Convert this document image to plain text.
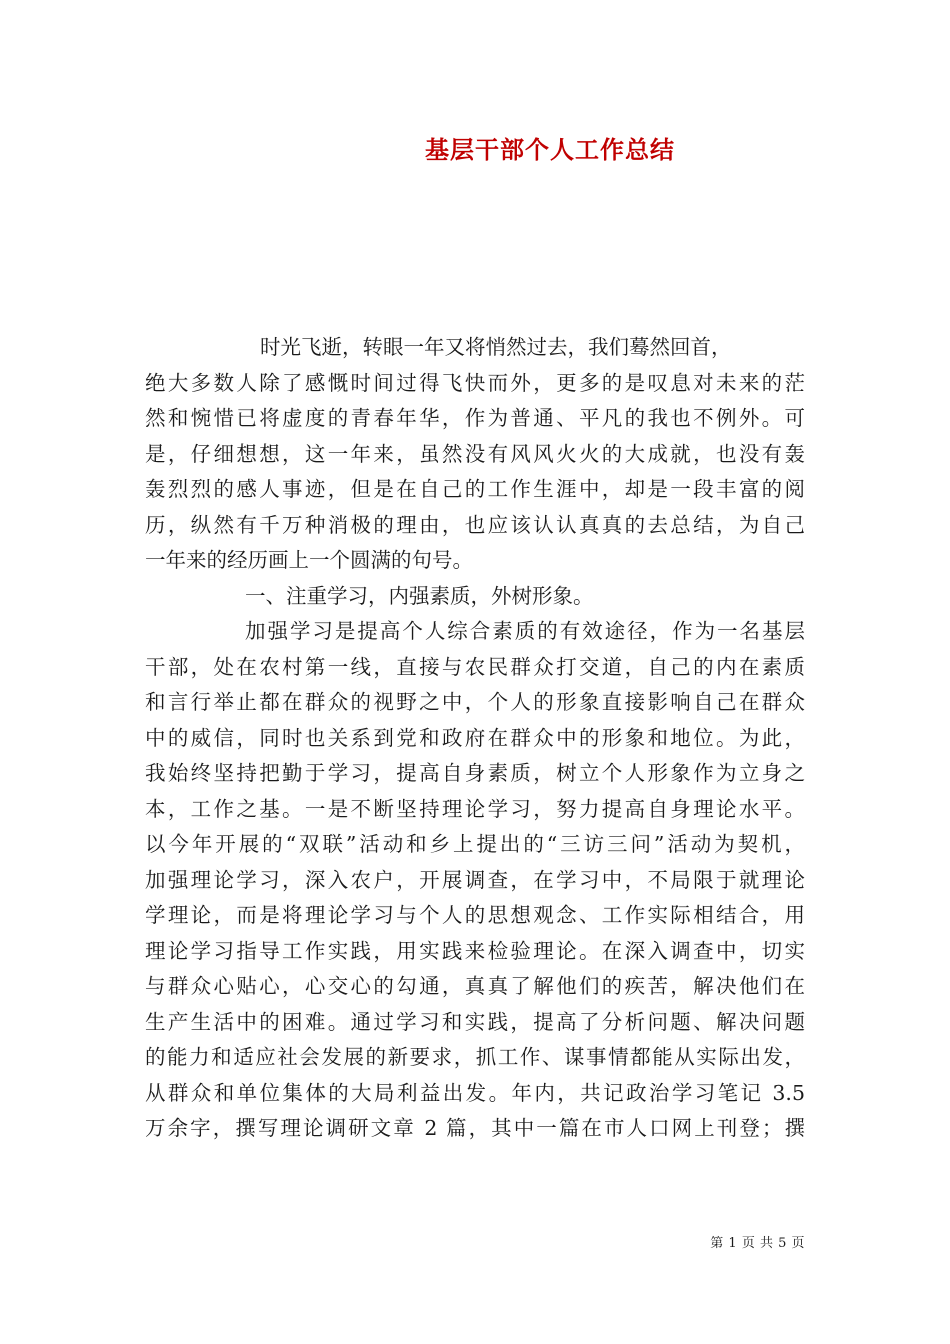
基层干部个人工作总结
时光飞逝，转眼一年又将悄然过去，我们蓦然回首，
绝大多数人除了感慨时间过得飞快而外，更多的是叹息对未来的茫
然和惋惜已将虚度的青春年华，作为普通、平凡的我也不例外。可
是，仔细想想，这一年来，虽然没有风风火火的大成就，也没有轰
轰烈烈的感人事迹，但是在自己的工作生涯中，却是一段丰富的阅
历，纵然有千万种消极的理由，也应该认认真真的去总结，为自己
一年来的经历画上一个圆满的句号。
一、注重学习，内强素质，外树形象。
加强学习是提高个人综合素质的有效途径，作为一名基层
干部，处在农村第一线，直接与农民群众打交道，自己的内在素质
和言行举止都在群众的视野之中，个人的形象直接影响自己在群众
中的威信，同时也关系到党和政府在群众中的形象和地位。为此，
我始终坚持把勤于学习，提高自身素质，树立个人形象作为立身之
本，工作之基。一是不断坚持理论学习，努力提高自身理论水平。
以今年开展的“双联”活动和乡上提出的“三访三问”活动为契机，
加强理论学习，深入农户，开展调查，在学习中，不局限于就理论
学理论，而是将理论学习与个人的思想观念、工作实际相结合，用
理论学习指导工作实践，用实践来检验理论。在深入调查中，切实
与群众心贴心，心交心的勾通，真真了解他们的疾苦，解决他们在
生产生活中的困难。通过学习和实践，提高了分析问题、解决问题
的能力和适应社会发展的新要求，抓工作、谋事情都能从实际出发，
从群众和单位集体的大局利益出发。年内，共记政治学习笔记 3.5
万余字，撰写理论调研文章 2 篇，其中一篇在市人口网上刊登；撰
第 1 页 共 5 页
